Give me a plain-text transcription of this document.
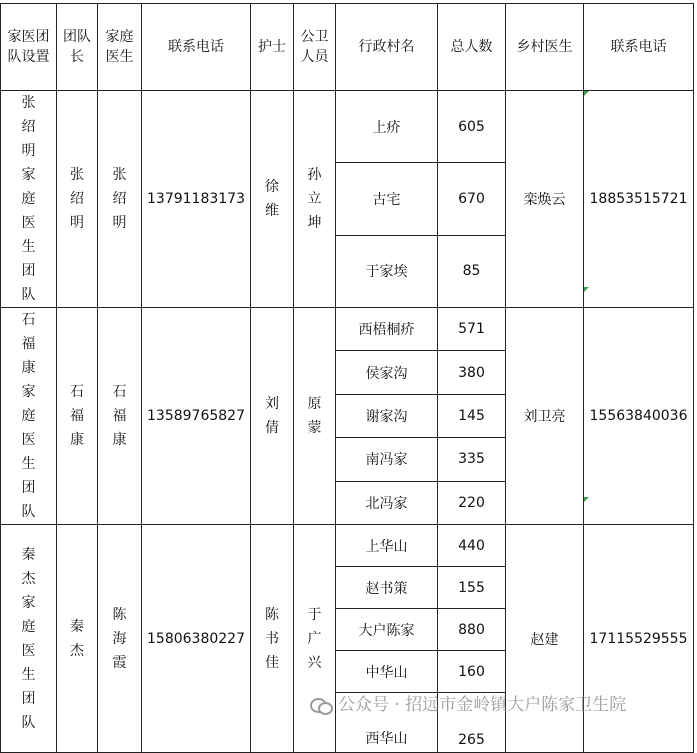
家医团队设置	团队长	家庭医生	联系电话	护士	公卫人员	行政村名	总人数	乡村医生	联系电话
张绍明家庭医生团队	张绍明	张绍明	13791183173	徐维	孙立坤	上疥	605	栾焕云	18853515721
						古宅	670		
						于家埃	85		
石福康家庭医生团队	石福康	石福康	13589765827	刘倩	原蒙	西梧桐疥	571	刘卫亮	15563840036
						侯家沟	380		
						谢家沟	145		
						南冯家	335		
						北冯家	220		
秦杰家庭医生团队	秦杰	陈海霞	15806380227	陈书佳	于广兴	上华山	440	赵建	17115529555
						赵书策	155		
						大户陈家	880		
						中华山	160		
						西华山	265		
公众号 · 招远市金岭镇大户陈家卫生院
